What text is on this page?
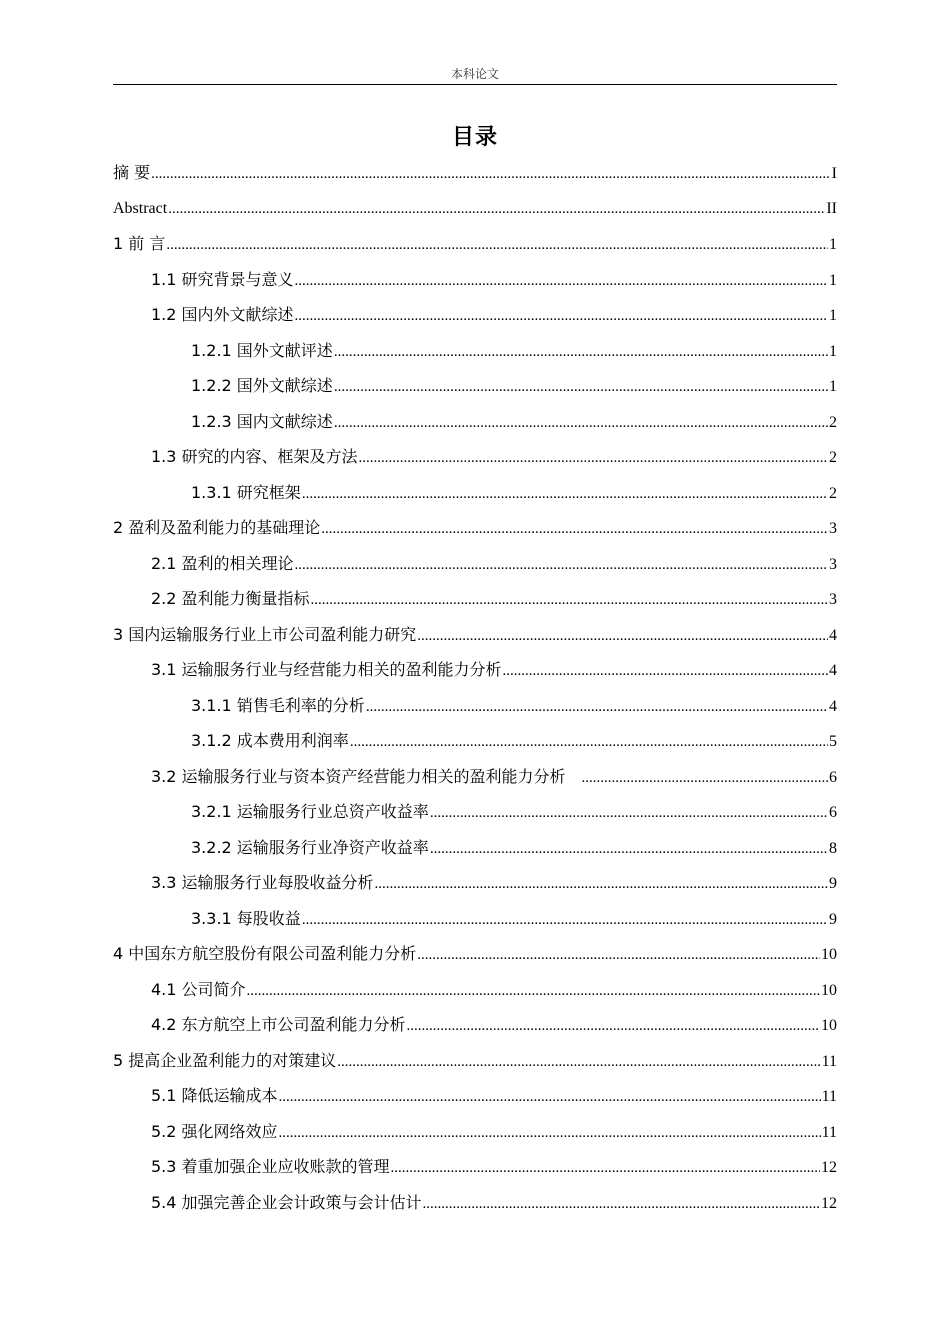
本科论文
目录
摘 要 .....	I
Abstract .....	II
1 前 言 .....	1
1.1 研究背景与意义 .....	1
1.2 国内外文献综述 .....	1
1.2.1 国外文献评述 .....	1
1.2.2 国外文献综述 .....	1
1.2.3 国内文献综述 .....	2
1.3 研究的内容、框架及方法 .....	2
1.3.1 研究框架 .....	2
2 盈利及盈利能力的基础理论 .....	3
2.1 盈利的相关理论 .....	3
2.2 盈利能力衡量指标 .....	3
3 国内运输服务行业上市公司盈利能力研究 .....	4
3.1 运输服务行业与经营能力相关的盈利能力分析 .....	4
3.1.1 销售毛利率的分析 .....	4
3.1.2 成本费用利润率 .....	5
3.2 运输服务行业与资本资产经营能力相关的盈利能力分析 .....	6
3.2.1 运输服务行业总资产收益率 .....	6
3.2.2 运输服务行业净资产收益率 .....	8
3.3 运输服务行业每股收益分析 .....	9
3.3.1 每股收益 .....	9
4 中国东方航空股份有限公司盈利能力分析 .....	10
4.1 公司简介 .....	10
4.2 东方航空上市公司盈利能力分析 .....	10
5 提高企业盈利能力的对策建议 .....	11
5.1 降低运输成本 .....	11
5.2 强化网络效应 .....	11
5.3 着重加强企业应收账款的管理 .....	12
5.4 加强完善企业会计政策与会计估计 .....	12
